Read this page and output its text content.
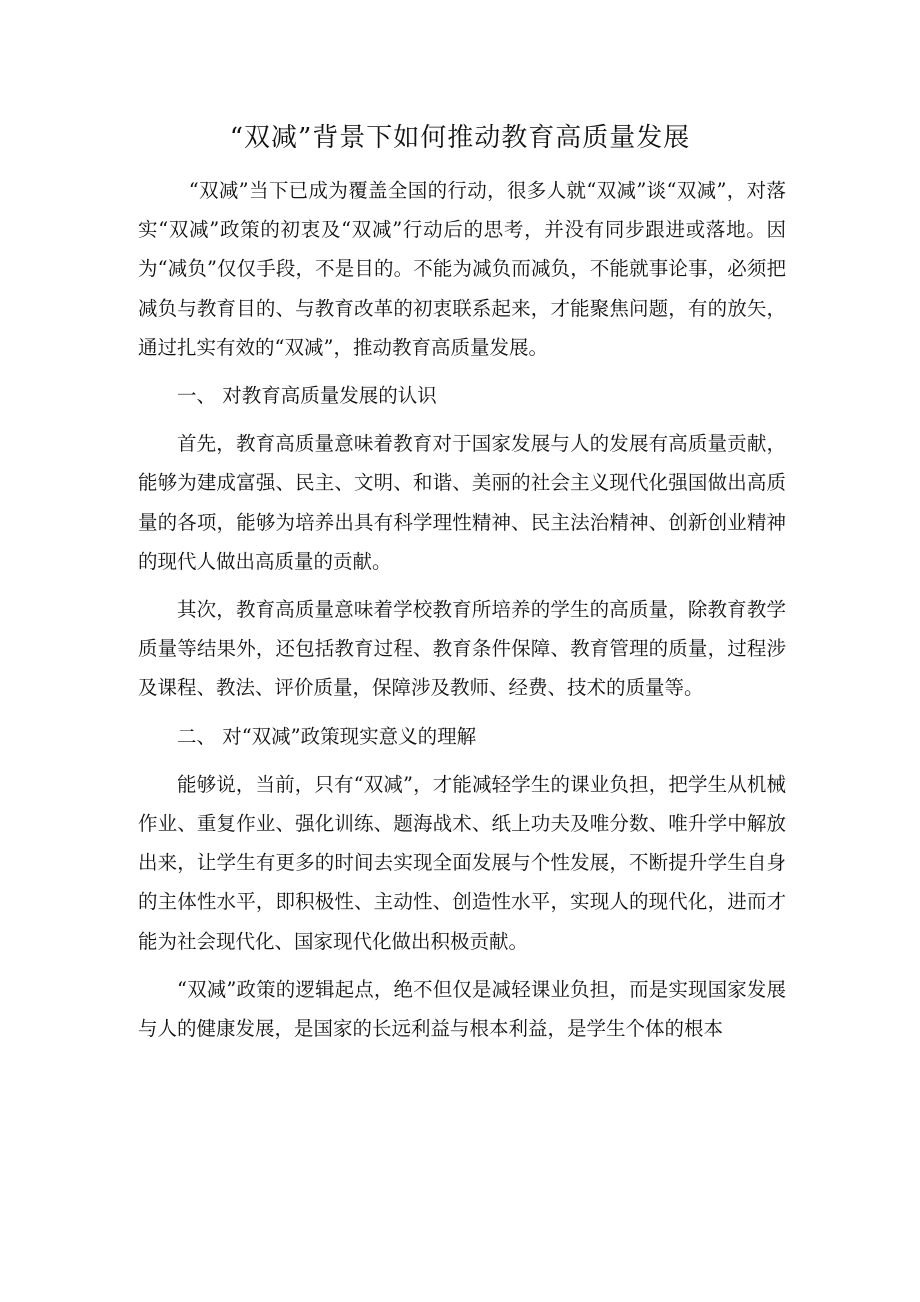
“双减”背景下如何推动教育高质量发展

“双减”当下已成为覆盖全国的行动，很多人就“双减”谈“双减”，对落实“双减”政策的初衷及“双减”行动后的思考，并没有同步跟进或落地。因为“减负”仅仅手段，不是目的。不能为减负而减负，不能就事论事，必须把减负与教育目的、与教育改革的初衷联系起来，才能聚焦问题，有的放矢，通过扎实有效的“双减”，推动教育高质量发展。

一、 对教育高质量发展的认识

首先，教育高质量意味着教育对于国家发展与人的发展有高质量贡献，能够为建成富强、民主、文明、和谐、美丽的社会主义现代化强国做出高质量的各项，能够为培养出具有科学理性精神、民主法治精神、创新创业精神的现代人做出高质量的贡献。

其次，教育高质量意味着学校教育所培养的学生的高质量，除教育教学质量等结果外，还包括教育过程、教育条件保障、教育管理的质量，过程涉及课程、教法、评价质量，保障涉及教师、经费、技术的质量等。

二、 对“双减”政策现实意义的理解

能够说，当前，只有“双减”，才能减轻学生的课业负担，把学生从机械作业、重复作业、强化训练、题海战术、纸上功夫及唯分数、唯升学中解放出来，让学生有更多的时间去实现全面发展与个性发展，不断提升学生自身的主体性水平，即积极性、主动性、创造性水平，实现人的现代化，进而才能为社会现代化、国家现代化做出积极贡献。

“双减”政策的逻辑起点，绝不但仅是减轻课业负担，而是实现国家发展与人的健康发展，是国家的长远利益与根本利益，是学生个体的根本
